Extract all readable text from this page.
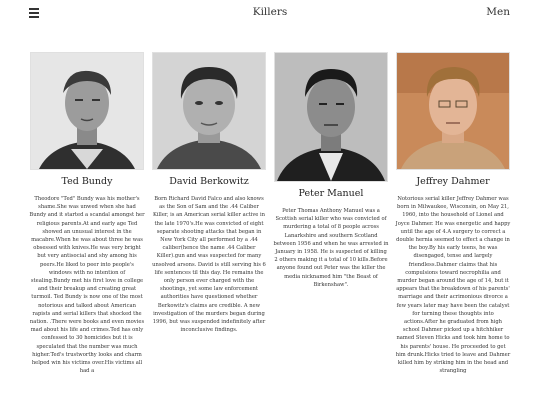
Killers	Men
Ted Bundy
Theodore "Ted" Bundy was his mother's shame.She was unwed when she had Bundy and it started a scandal amongst her religious parents.At and early age Ted showed an unusual interest in the macabre.When he was about three he was obsessed with knives.He was very bright but very antisocial and shy among his peers.He liked to peer into people's windows with no intention of stealing.Bundy met his first love in college and their breakup and creating great turmoil. Ted Bundy is now one of the most notorious and talked about American rapists and serial killers that shocked the nation. .There were books and even movies mad about his life and crimes.Ted has only confessed to 30 homicides but it is speculated that the number was much higher.Ted's trustworthy looks and charm helped win his victims over.His victims all had a
David Berkowitz
Born Richard David Falco and also knows as the Son of Sam and the .44 Caliber Killer, is an American serial killer active in the late 1970's.He was convicted of eight separate shooting attacks that began in New York City all performed by a .44 caliber(hence the name .44 Caliber Killer).gun and was suspected for many unsolved arsons. David is still serving his 6 life sentences til this day. He remains the only person ever charged with the shootings, yet some law enforcement authorities have questioned whether Berkowitz's claims are credible. A new investigation of the murders began during 1996, but was suspended indefinitely after inconclusive findings.
Peter Manuel
Peter Thomas Anthony Manuel was a Scottish serial killer who was convicted of murdering a total of 8 people across Lanarkshire and southern Scotland between 1956 and when he was arrested in January in 1958. He is suspected of killing 2 others making it a total of 10 kills.Before anyone found out Peter was the killer the media nicknamed him "the Beast of Birkenshaw".
Jeffrey Dahmer
Notorious serial killer Jeffrey Dahmer was born in Milwaukee, Wisconsin, on May 21, 1960, into the household of Lionel and Joyce Dahmer. He was energetic and happy until the age of 4.A surgery to correct a double hernia seemed to effect a change in the boy.By his early teens, he was disengaged, tense and largely friendless.Dahmer claims that his compulsions toward necrophilia and murder began around the age of 14, but it appears that the breakdown of his parents' marriage and their acrimonious divorce a few years later may have been the catalyst for turning these thoughts into actions.After he graduated from high school Dahmer picked up a hitchhiker named Steven Hicks and took him home to his parents' house. He proceeded to get him drunk.Hicks tried to leave and Dahmer killed him by striking him in the head and strangling
